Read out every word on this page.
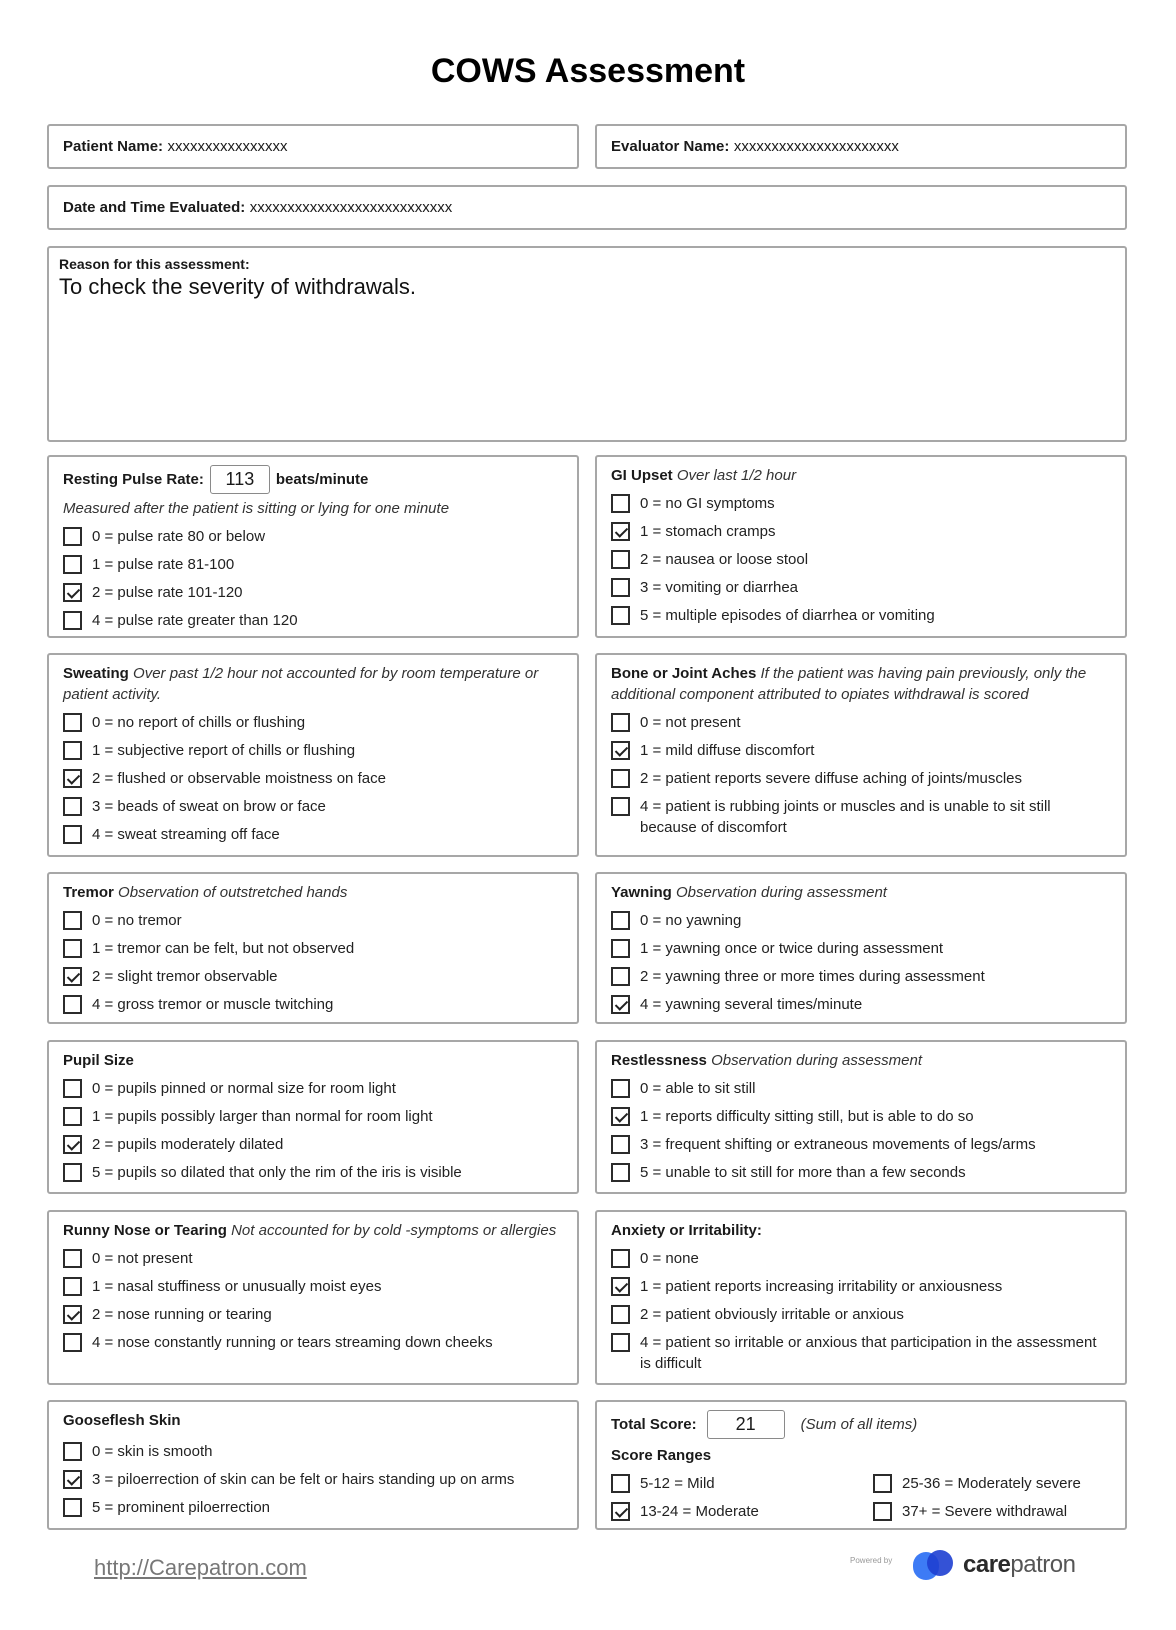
COWS Assessment
Patient Name: xxxxxxxxxxxxxxxx	Evaluator Name: xxxxxxxxxxxxxxxxxxxxxx
Date and Time Evaluated: xxxxxxxxxxxxxxxxxxxxxxxxxxx
Reason for this assessment:
To check the severity of withdrawals.
Resting Pulse Rate:	113	beats/minute
Measured after the patient is sitting or lying for one minute
0 = pulse rate 80 or below
1 = pulse rate 81-100
2 = pulse rate 101-120
4 = pulse rate greater than 120
GI Upset Over last 1/2 hour
0 = no GI symptoms
1 = stomach cramps
2 = nausea or loose stool
3 = vomiting or diarrhea
5 = multiple episodes of diarrhea or vomiting
Sweating Over past 1/2 hour not accounted for by room temperature or patient activity.
0 = no report of chills or flushing
1 = subjective report of chills or flushing
2 = flushed or observable moistness on face
3 = beads of sweat on brow or face
4 = sweat streaming off face
Bone or Joint Aches If the patient was having pain previously, only the additional component attributed to opiates withdrawal is scored
0 = not present
1 = mild diffuse discomfort
2 = patient reports severe diffuse aching of joints/muscles
4 = patient is rubbing joints or muscles and is unable to sit still because of discomfort
Tremor Observation of outstretched hands
0 = no tremor
1 = tremor can be felt, but not observed
2 = slight tremor observable
4 = gross tremor or muscle twitching
Yawning Observation during assessment
0 = no yawning
1 = yawning once or twice during assessment
2 = yawning three or more times during assessment
4 = yawning several times/minute
Pupil Size
0 = pupils pinned or normal size for room light
1 = pupils possibly larger than normal for room light
2 = pupils moderately dilated
5 = pupils so dilated that only the rim of the iris is visible
Restlessness Observation during assessment
0 = able to sit still
1 = reports difficulty sitting still, but is able to do so
3 = frequent shifting or extraneous movements of legs/arms
5 = unable to sit still for more than a few seconds
Runny Nose or Tearing Not accounted for by cold -symptoms or allergies
0 = not present
1 = nasal stuffiness or unusually moist eyes
2 = nose running or tearing
4 = nose constantly running or tears streaming down cheeks
Anxiety or Irritability:
0 = none
1 = patient reports increasing irritability or anxiousness
2 = patient obviously irritable or anxious
4 = patient so irritable or anxious that participation in the assessment is difficult
Gooseflesh Skin
0 = skin is smooth
3 = piloerrection of skin can be felt or hairs standing up on arms
5 = prominent piloerrection
Total Score:	21	(Sum of all items)
Score Ranges
5-12 = Mild	25-36 = Moderately severe
13-24 = Moderate	37+ = Severe withdrawal
http://Carepatron.com	Powered by	carepatron
